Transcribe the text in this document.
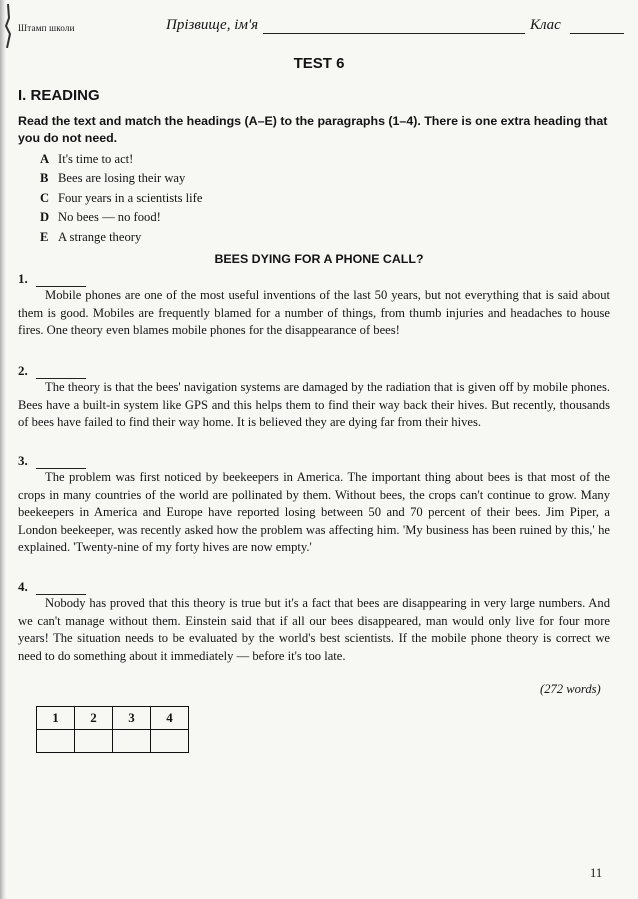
Штамп школи	Прізвище, ім'я	Клас
TEST 6
I. READING
Read the text and match the headings (A–E) to the paragraphs (1–4). There is one extra heading that you do not need.
A It's time to act!
B Bees are losing their way
C Four years in a scientists life
D No bees — no food!
E A strange theory
BEES DYING FOR A PHONE CALL?
1.

Mobile phones are one of the most useful inventions of the last 50 years, but not everything that is said about them is good. Mobiles are frequently blamed for a number of things, from thumb injuries and headaches to house fires. One theory even blames mobile phones for the disappearance of bees!

2.

The theory is that the bees' navigation systems are damaged by the radiation that is given off by mobile phones. Bees have a built-in system like GPS and this helps them to find their way back their hives. But recently, thousands of bees have failed to find their way home. It is believed they are dying far from their hives.

3.

The problem was first noticed by beekeepers in America. The important thing about bees is that most of the crops in many countries of the world are pollinated by them. Without bees, the crops can't continue to grow. Many beekeepers in America and Europe have reported losing between 50 and 70 percent of their bees. Jim Piper, a London beekeeper, was recently asked how the problem was affecting him. 'My business has been ruined by this,' he explained. 'Twenty-nine of my forty hives are now empty.'

4.

Nobody has proved that this theory is true but it's a fact that bees are disappearing in very large numbers. And we can't manage without them. Einstein said that if all our bees disappeared, man would only live for four more years! The situation needs to be evaluated by the world's best scientists. If the mobile phone theory is correct we need to do something about it immediately — before it's too late.

(272 words)
1	2	3	4

11
